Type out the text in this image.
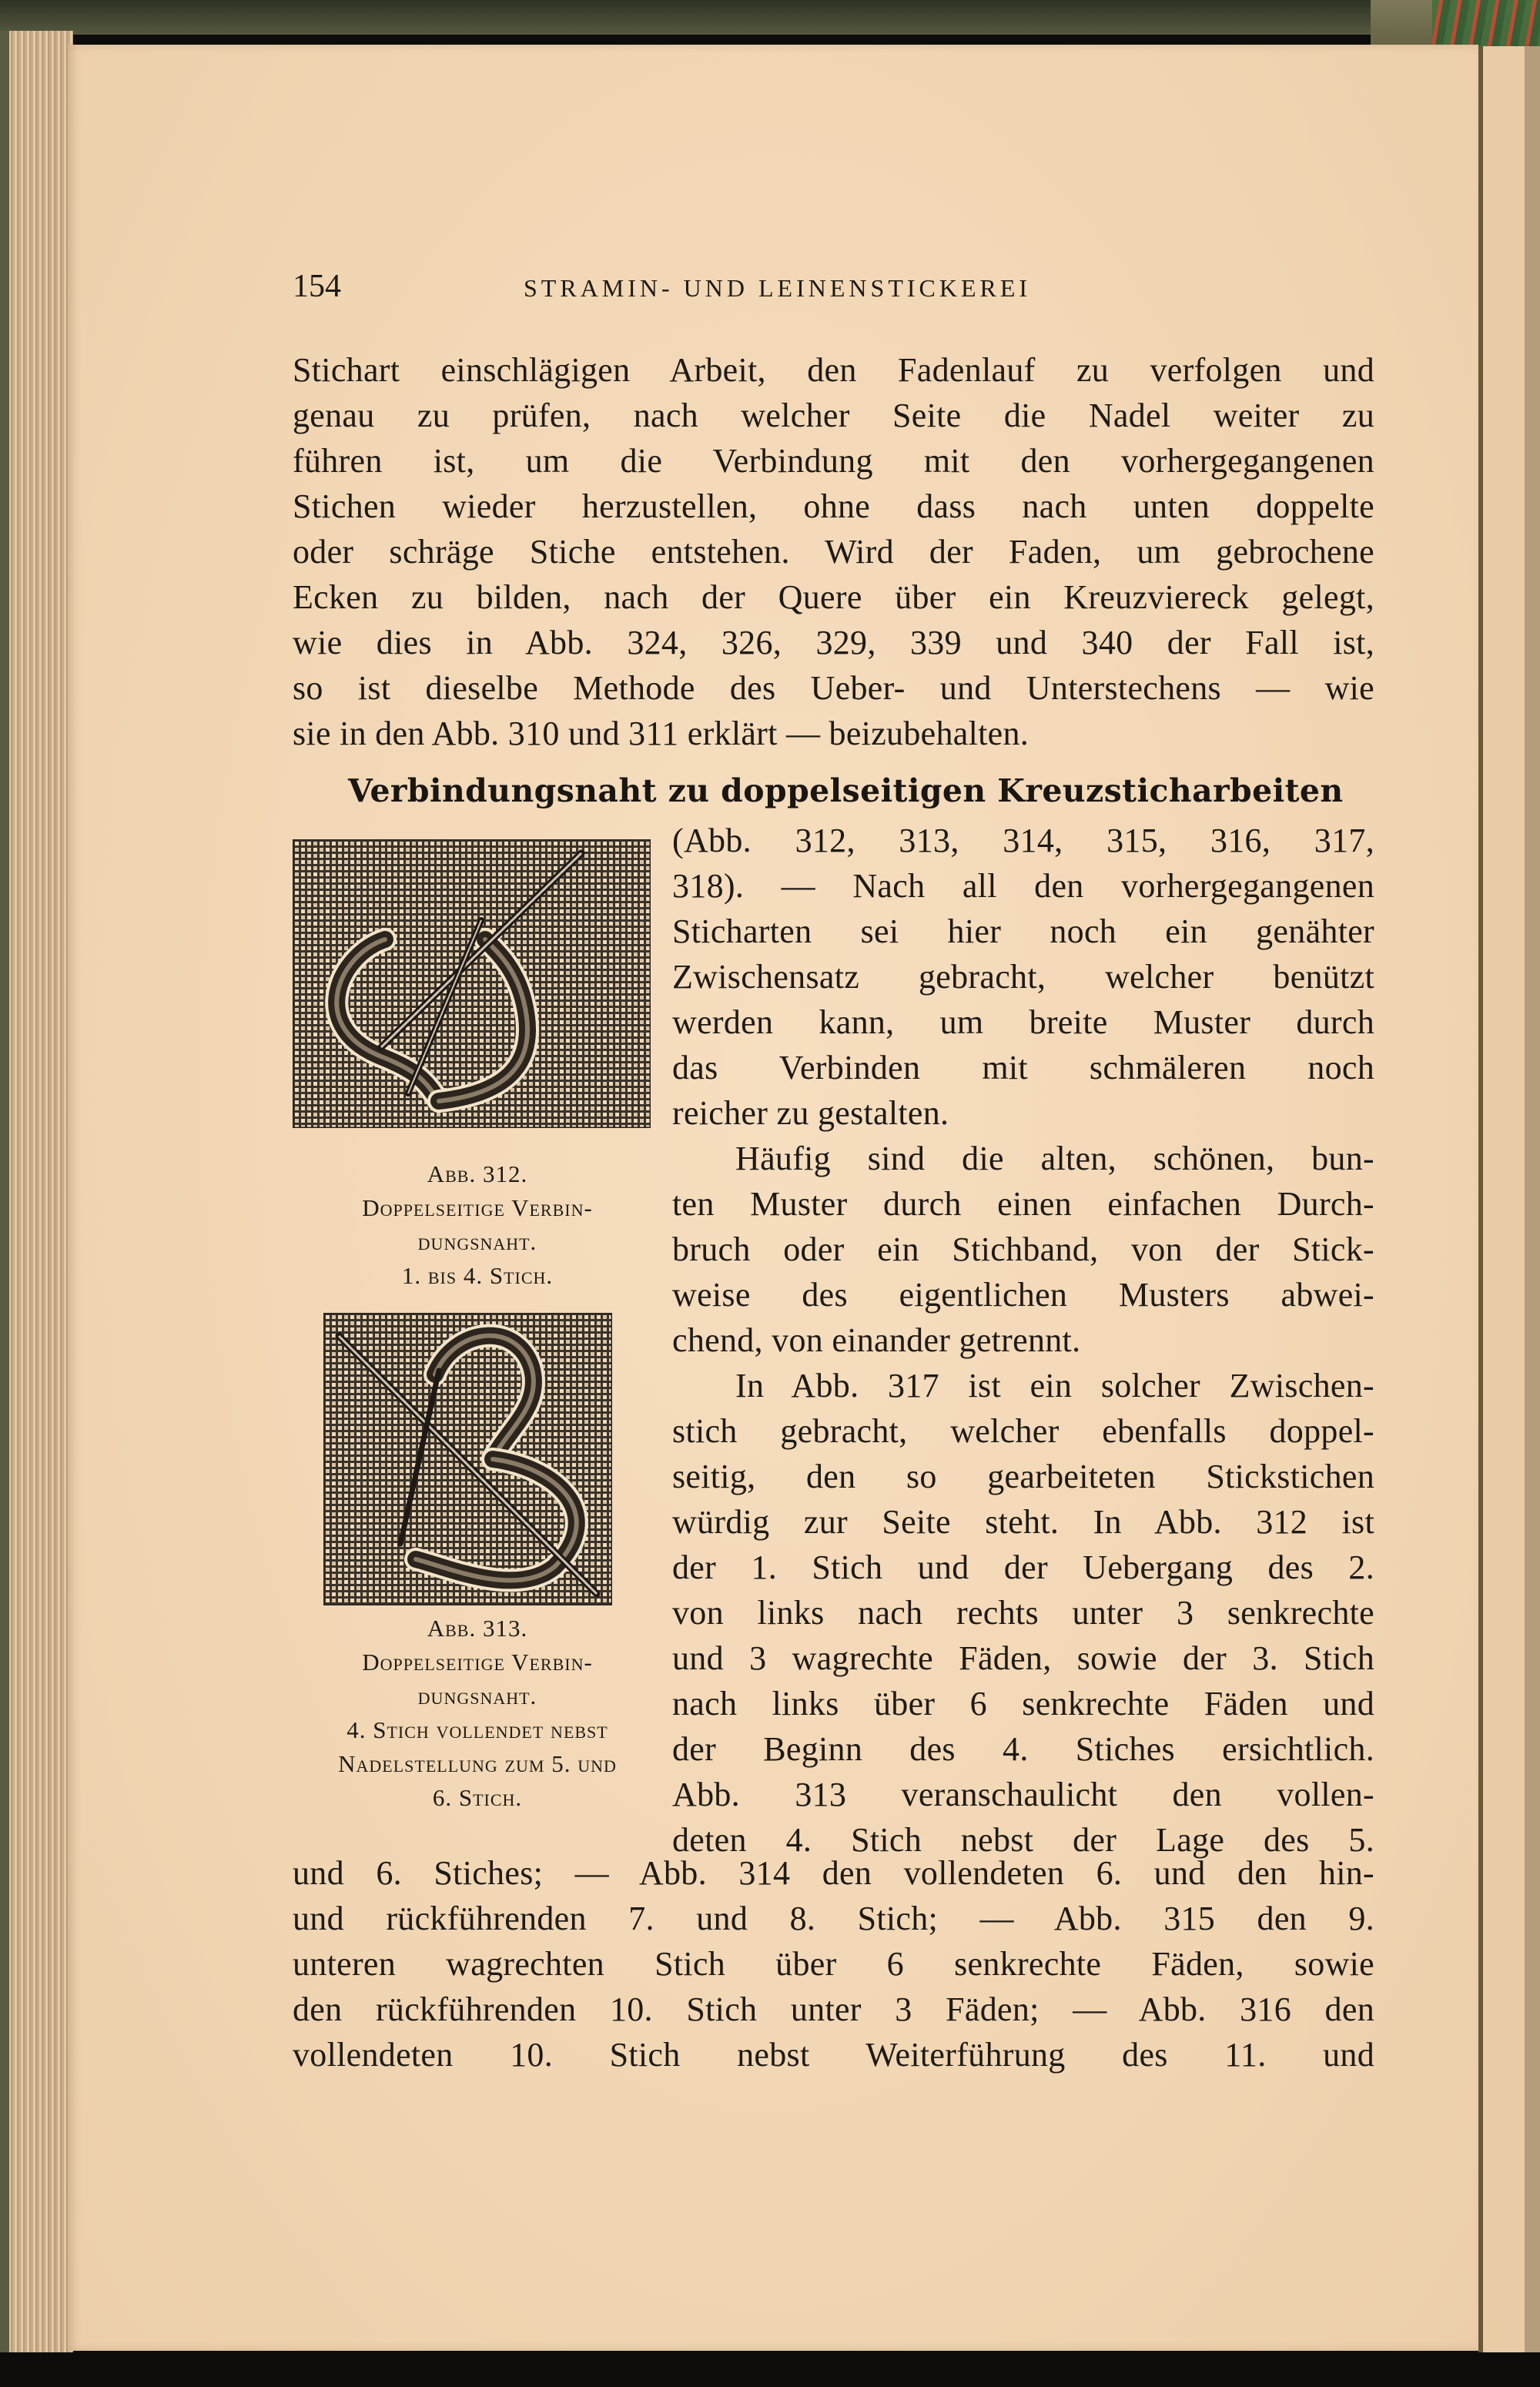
154	STRAMIN- UND LEINENSTICKEREI
Stichart einschlägigen Arbeit, den Fadenlauf zu verfolgen und
genau zu prüfen, nach welcher Seite die Nadel weiter zu
führen ist, um die Verbindung mit den vorhergegangenen
Stichen wieder herzustellen, ohne dass nach unten doppelte
oder schräge Stiche entstehen. Wird der Faden, um gebrochene
Ecken zu bilden, nach der Quere über ein Kreuzviereck gelegt,
wie dies in Abb. 324, 326, 329, 339 und 340 der Fall ist,
so ist dieselbe Methode des Ueber- und Unterstechens — wie
sie in den Abb. 310 und 311 erklärt — beizubehalten.
Verbindungsnaht zu doppelseitigen Kreuzsticharbeiten
(Abb. 312, 313, 314, 315, 316, 317,
318). — Nach all den vorhergegangenen
Sticharten sei hier noch ein genähter
Zwischensatz gebracht, welcher benützt
werden kann, um breite Muster durch
das Verbinden mit schmäleren noch
reicher zu gestalten.
Häufig sind die alten, schönen, bun-
ten Muster durch einen einfachen Durch-
bruch oder ein Stichband, von der Stick-
weise des eigentlichen Musters abwei-
chend, von einander getrennt.
In Abb. 317 ist ein solcher Zwischen-
stich gebracht, welcher ebenfalls doppel-
seitig, den so gearbeiteten Stickstichen
würdig zur Seite steht. In Abb. 312 ist
der 1. Stich und der Uebergang des 2.
von links nach rechts unter 3 senkrechte
und 3 wagrechte Fäden, sowie der 3. Stich
nach links über 6 senkrechte Fäden und
der Beginn des 4. Stiches ersichtlich.
Abb. 313 veranschaulicht den vollen-
deten 4. Stich nebst der Lage des 5.
und 6. Stiches; — Abb. 314 den vollendeten 6. und den hin-
und rückführenden 7. und 8. Stich; — Abb. 315 den 9.
unteren wagrechten Stich über 6 senkrechte Fäden, sowie
den rückführenden 10. Stich unter 3 Fäden; — Abb. 316 den
vollendeten 10. Stich nebst Weiterführung des 11. und
Abb. 312.
Doppelseitige Verbin-
dungsnaht.
1. bis 4. Stich.
Abb. 313.
Doppelseitige Verbin-
dungsnaht.
4. Stich vollendet nebst
Nadelstellung zum 5. und
6. Stich.
